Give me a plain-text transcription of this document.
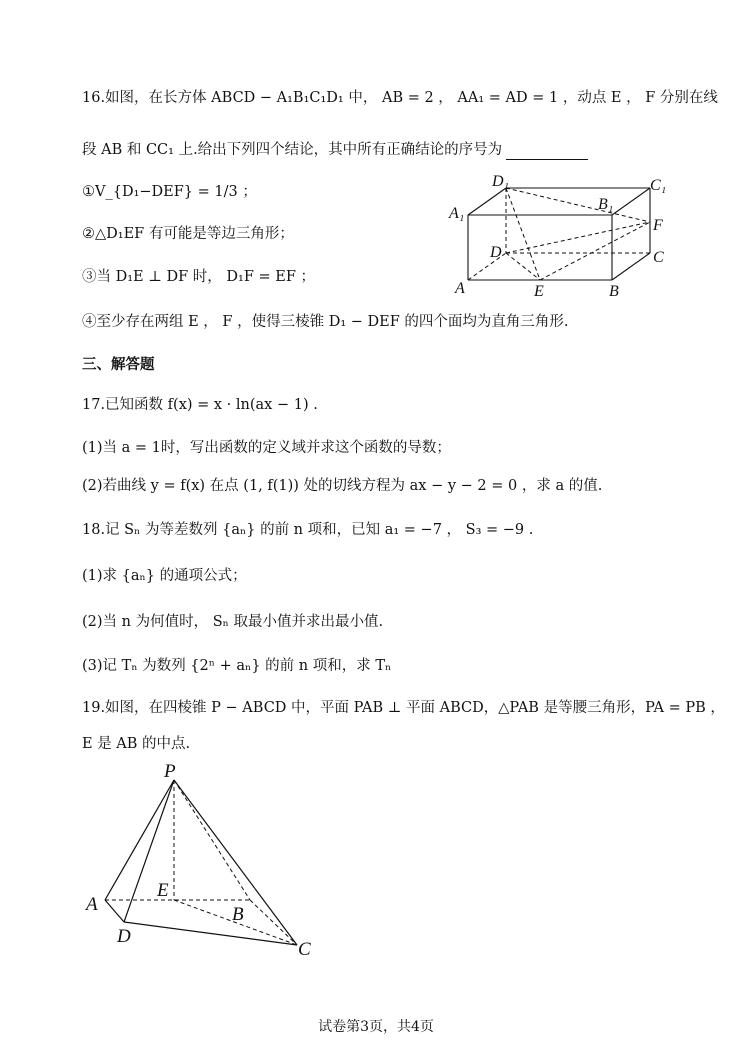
16.如图，在长方体 ABCD − A₁B₁C₁D₁ 中， AB = 2 ， AA₁ = AD = 1 ，动点 E ， F 分别在线
段 AB 和 CC₁ 上.给出下列四个结论，其中所有正确结论的序号为
①V_{D₁−DEF} = 1/3 ；
②△D₁EF 有可能是等边三角形；
③当 D₁E ⊥ DF 时， D₁F = EF ；
④至少存在两组 E ， F ，使得三棱锥 D₁ − DEF 的四个面均为直角三角形.
D₁	C₁
A₁
B₁
F
D	C
A	E	B
三、解答题
17.已知函数 f(x) = x · ln(ax − 1) .
(1)当 a = 1时，写出函数的定义域并求这个函数的导数；
(2)若曲线 y = f(x) 在点 (1, f(1)) 处的切线方程为 ax − y − 2 = 0 ，求 a 的值.
18.记 Sₙ 为等差数列 {aₙ} 的前 n 项和，已知 a₁ = −7 ， S₃ = −9 .
(1)求 {aₙ} 的通项公式；
(2)当 n 为何值时， Sₙ 取最小值并求出最小值.
(3)记 Tₙ 为数列 {2ⁿ + aₙ} 的前 n 项和，求 Tₙ
19.如图，在四棱锥 P − ABCD 中，平面 PAB ⊥ 平面 ABCD，△PAB 是等腰三角形，PA = PB ，
E 是 AB 的中点.
P
A
E
B
D
C
试卷第3页，共4页
